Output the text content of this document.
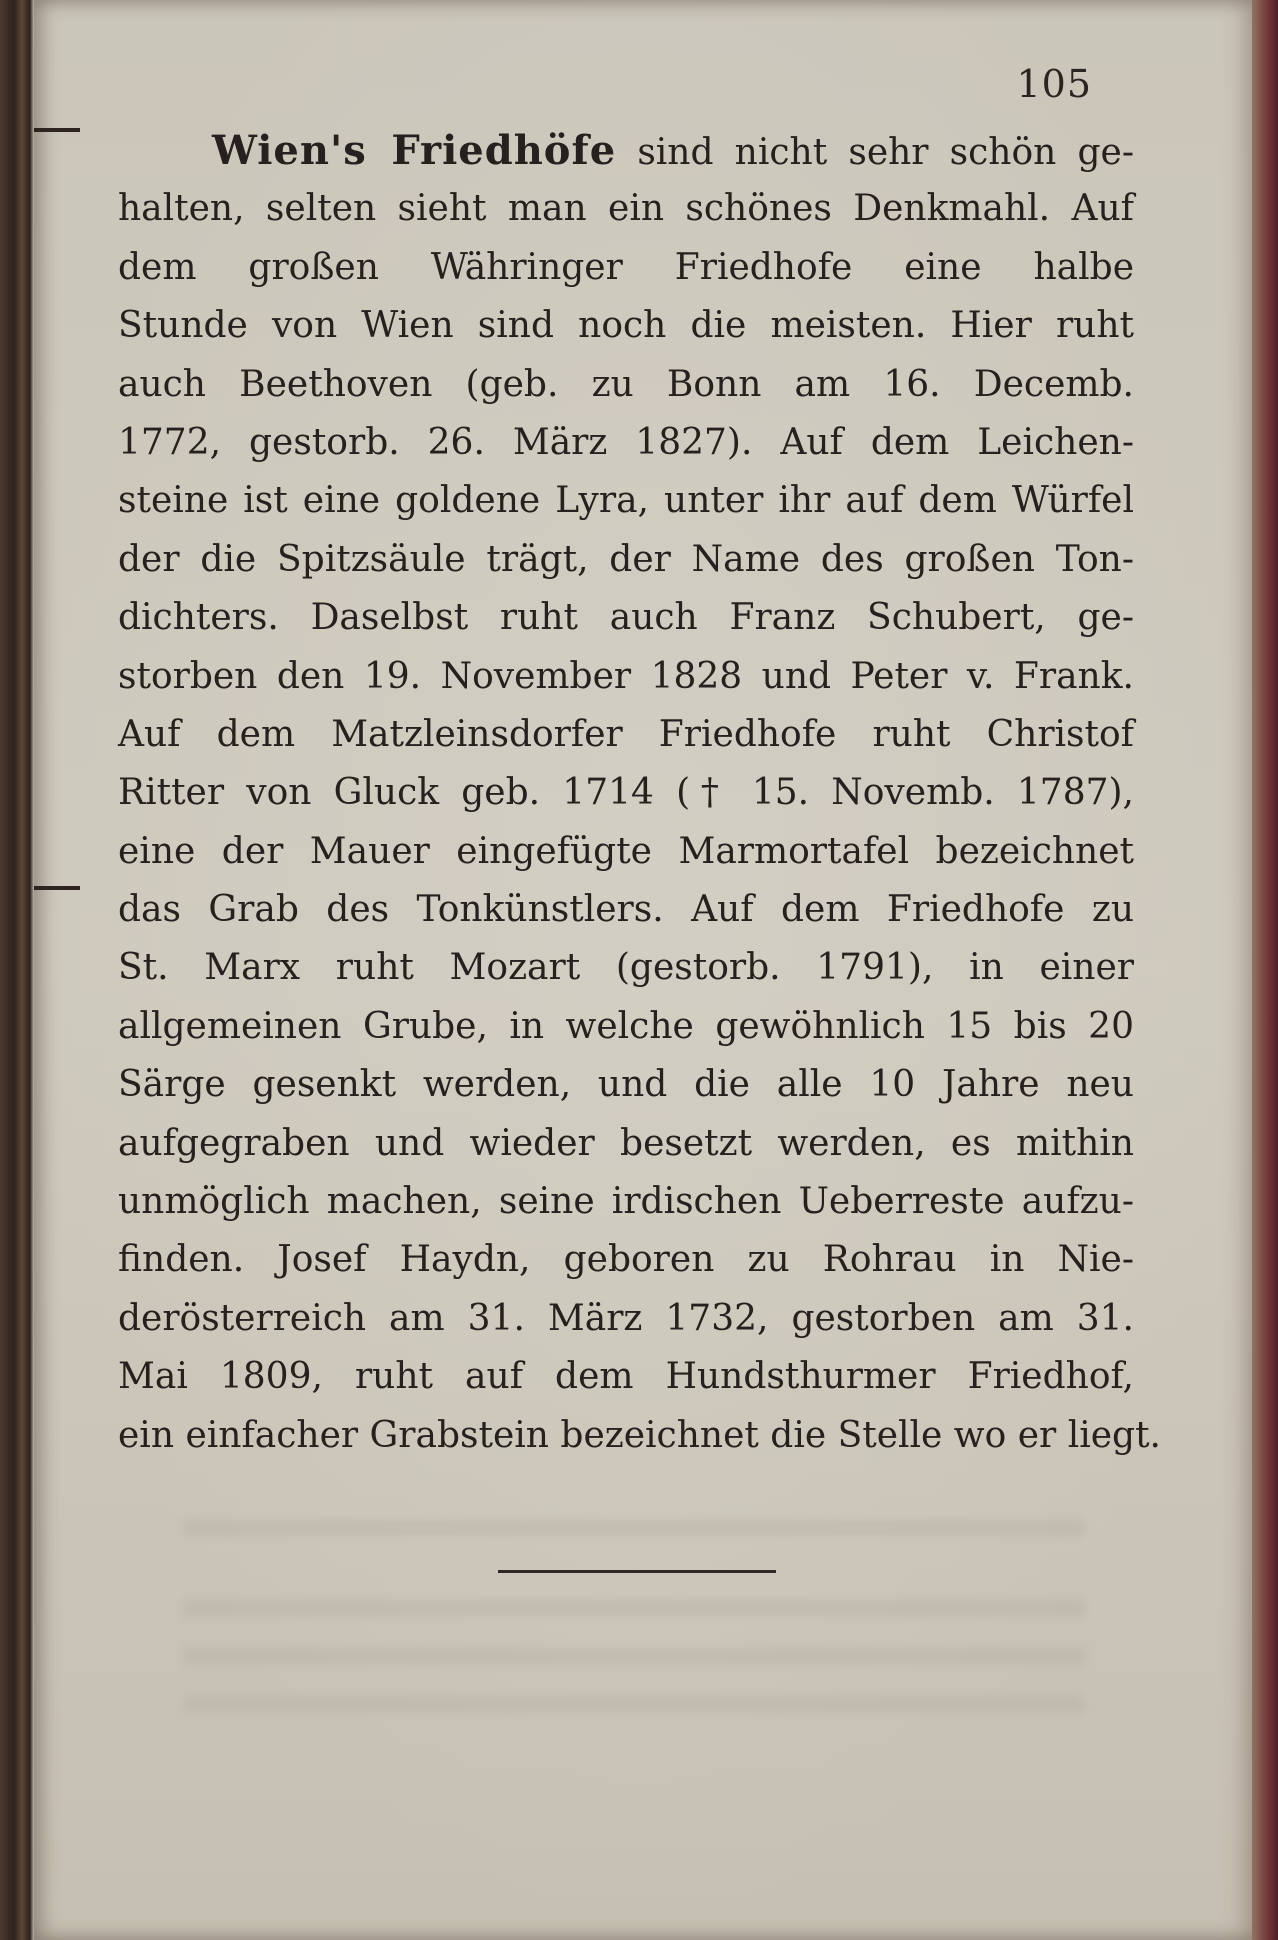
105
Wien's Friedhöfe sind nicht sehr schön ge-
halten, selten sieht man ein schönes Denkmahl. Auf
dem großen Währinger Friedhofe eine halbe
Stunde von Wien sind noch die meisten. Hier ruht
auch Beethoven (geb. zu Bonn am 16. Decemb.
1772, gestorb. 26. März 1827). Auf dem Leichen-
steine ist eine goldene Lyra, unter ihr auf dem Würfel
der die Spitzsäule trägt, der Name des großen Ton-
dichters. Daselbst ruht auch Franz Schubert, ge-
storben den 19. November 1828 und Peter v. Frank.
Auf dem Matzleinsdorfer Friedhofe ruht Christof
Ritter von Gluck geb. 1714 († 15. Novemb. 1787),
eine der Mauer eingefügte Marmortafel bezeichnet
das Grab des Tonkünstlers. Auf dem Friedhofe zu
St. Marx ruht Mozart (gestorb. 1791), in einer
allgemeinen Grube, in welche gewöhnlich 15 bis 20
Särge gesenkt werden, und die alle 10 Jahre neu
aufgegraben und wieder besetzt werden, es mithin
unmöglich machen, seine irdischen Ueberreste aufzu-
finden. Josef Haydn, geboren zu Rohrau in Nie-
derösterreich am 31. März 1732, gestorben am 31.
Mai 1809, ruht auf dem Hundsthurmer Friedhof,
ein einfacher Grabstein bezeichnet die Stelle wo er liegt.
